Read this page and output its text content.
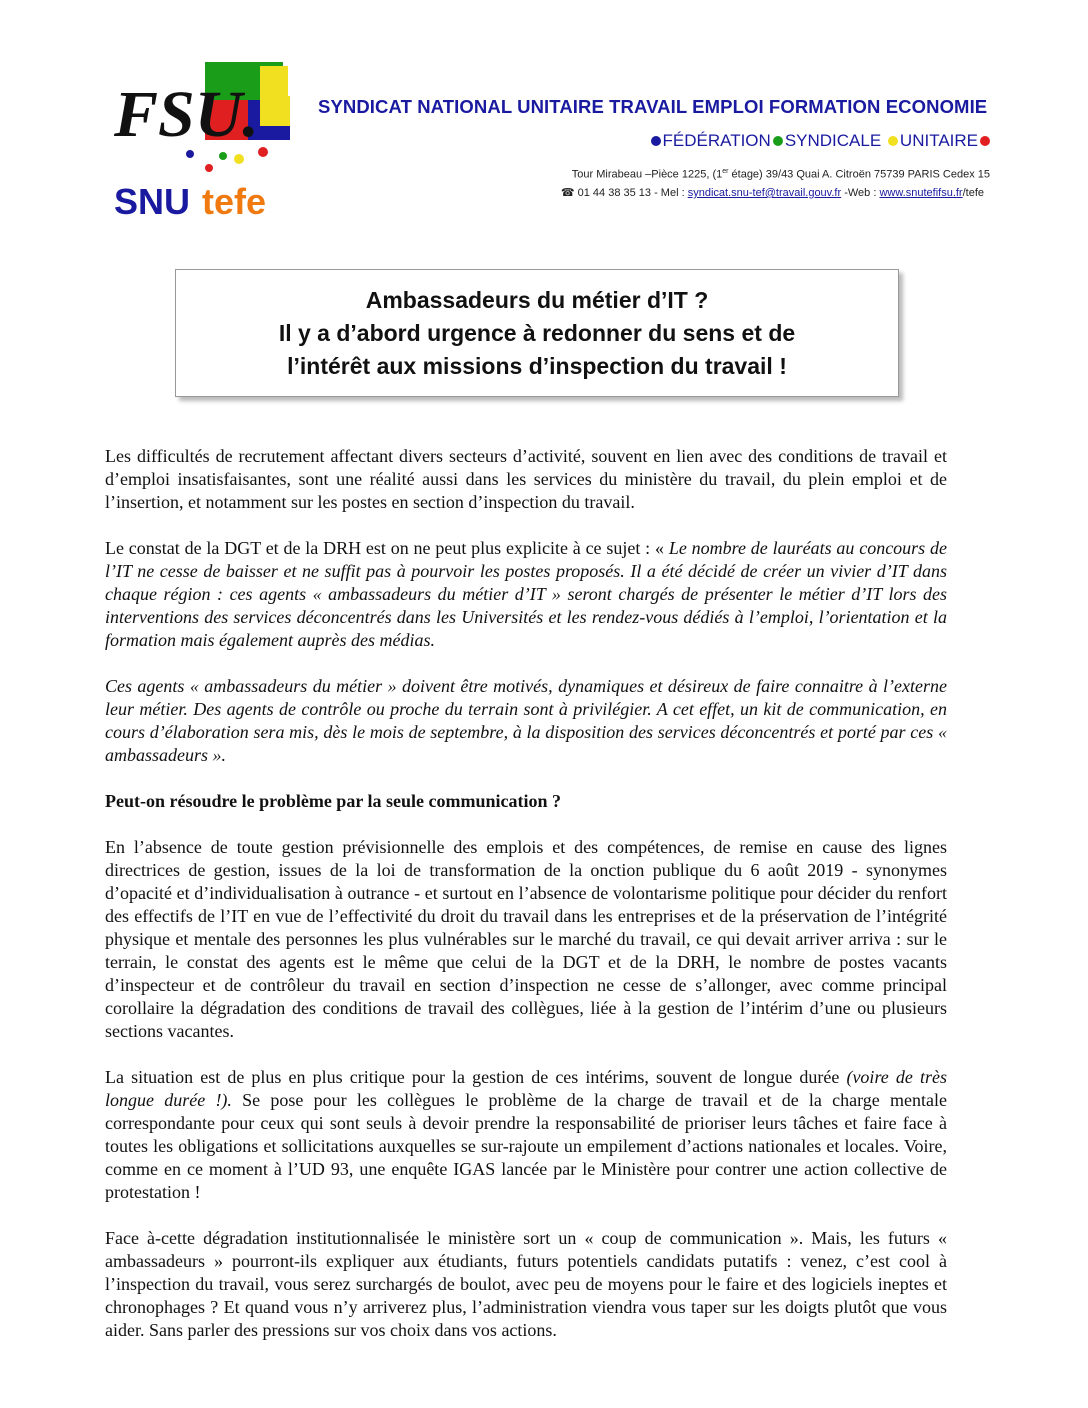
FSU.
SNU tefe
SYNDICAT NATIONAL UNITAIRE TRAVAIL EMPLOI FORMATION ECONOMIE
FÉDÉRATION SYNDICALE UNITAIRE
Tour Mirabeau –Pièce 1225, (1er étage) 39/43 Quai A. Citroën 75739 PARIS Cedex 15
☎ 01 44 38 35 13 - Mel : syndicat.snu-tef@travail.gouv.fr -Web : www.snutefifsu.fr/tefe
Ambassadeurs du métier d’IT ?
Il y a d’abord urgence à redonner du sens et de
l’intérêt aux missions d’inspection du travail !

Les difficultés de recrutement affectant divers secteurs d’activité, souvent en lien avec des conditions de travail et d’emploi insatisfaisantes, sont une réalité aussi dans les services du ministère du travail, du plein emploi et de l’insertion, et notamment sur les postes en section d’inspection du travail.

Le constat de la DGT et de la DRH est on ne peut plus explicite à ce sujet : « Le nombre de lauréats au concours de l’IT ne cesse de baisser et ne suffit pas à pourvoir les postes proposés. Il a été décidé de créer un vivier d’IT dans chaque région : ces agents « ambassadeurs du métier d’IT » seront chargés de présenter le métier d’IT lors des interventions des services déconcentrés dans les Universités et les rendez-vous dédiés à l’emploi, l’orientation et la formation mais également auprès des médias.

Ces agents « ambassadeurs du métier » doivent être motivés, dynamiques et désireux de faire connaitre à l’externe leur métier. Des agents de contrôle ou proche du terrain sont à privilégier. A cet effet, un kit de communication, en cours d’élaboration sera mis, dès le mois de septembre, à la disposition des services déconcentrés et porté par ces « ambassadeurs ».

Peut-on résoudre le problème par la seule communication ?

En l’absence de toute gestion prévisionnelle des emplois et des compétences, de remise en cause des lignes directrices de gestion, issues de la loi de transformation de la onction publique du 6 août 2019 - synonymes d’opacité et d’individualisation à outrance - et surtout en l’absence de volontarisme politique pour décider du renfort des effectifs de l’IT en vue de l’effectivité du droit du travail dans les entreprises et de la préservation de l’intégrité physique et mentale des personnes les plus vulnérables sur le marché du travail, ce qui devait arriver arriva : sur le terrain, le constat des agents est le même que celui de la DGT et de la DRH, le nombre de postes vacants d’inspecteur et de contrôleur du travail en section d’inspection ne cesse de s’allonger, avec comme principal corollaire la dégradation des conditions de travail des collègues, liée à la gestion de l’intérim d’une ou plusieurs sections vacantes.

La situation est de plus en plus critique pour la gestion de ces intérims, souvent de longue durée (voire de très longue durée !). Se pose pour les collègues le problème de la charge de travail et de la charge mentale correspondante pour ceux qui sont seuls à devoir prendre la responsabilité de prioriser leurs tâches et faire face à toutes les obligations et sollicitations auxquelles se sur-rajoute un empilement d’actions nationales et locales. Voire, comme en ce moment à l’UD 93, une enquête IGAS lancée par le Ministère pour contrer une action collective de protestation !

Face à-cette dégradation institutionnalisée le ministère sort un « coup de communication ». Mais, les futurs « ambassadeurs » pourront-ils expliquer aux étudiants, futurs potentiels candidats putatifs : venez, c’est cool à l’inspection du travail, vous serez surchargés de boulot, avec peu de moyens pour le faire et des logiciels ineptes et chronophages ? Et quand vous n’y arriverez plus, l’administration viendra vous taper sur les doigts plutôt que vous aider. Sans parler des pressions sur vos choix dans vos actions.
